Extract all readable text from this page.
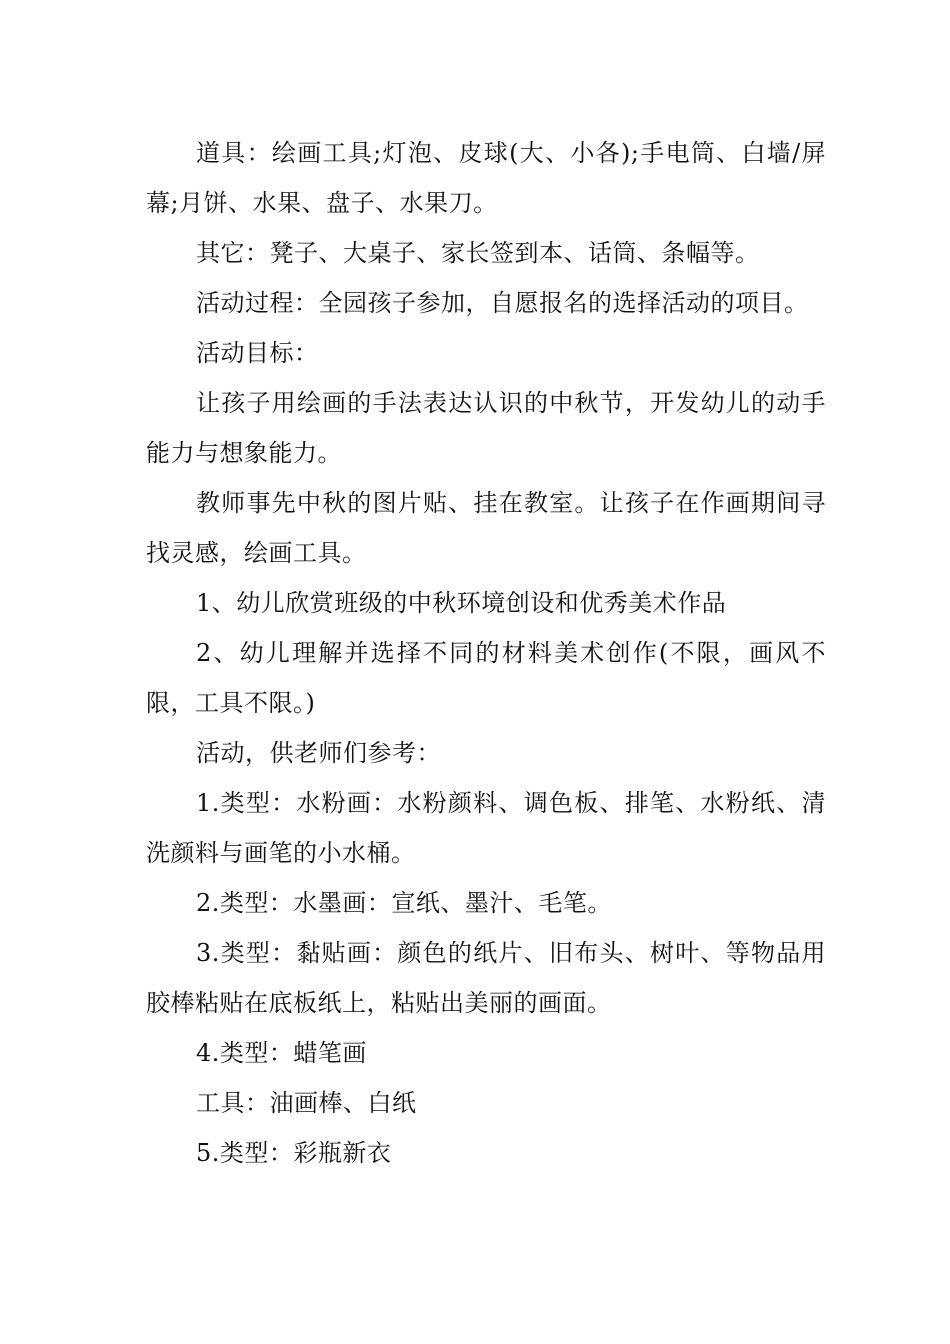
道具：绘画工具;灯泡、皮球(大、小各);手电筒、白墙/屏幕;月饼、水果、盘子、水果刀。

其它：凳子、大桌子、家长签到本、话筒、条幅等。

活动过程：全园孩子参加，自愿报名的选择活动的项目。

活动目标：

让孩子用绘画的手法表达认识的中秋节，开发幼儿的动手能力与想象能力。

教师事先中秋的图片贴、挂在教室。让孩子在作画期间寻找灵感，绘画工具。

1、幼儿欣赏班级的中秋环境创设和优秀美术作品

2、幼儿理解并选择不同的材料美术创作(不限，画风不限，工具不限。)

活动，供老师们参考：

1.类型：水粉画：水粉颜料、调色板、排笔、水粉纸、清洗颜料与画笔的小水桶。

2.类型：水墨画：宣纸、墨汁、毛笔。

3.类型：黏贴画：颜色的纸片、旧布头、树叶、等物品用胶棒粘贴在底板纸上，粘贴出美丽的画面。

4.类型：蜡笔画

工具：油画棒、白纸

5.类型：彩瓶新衣
